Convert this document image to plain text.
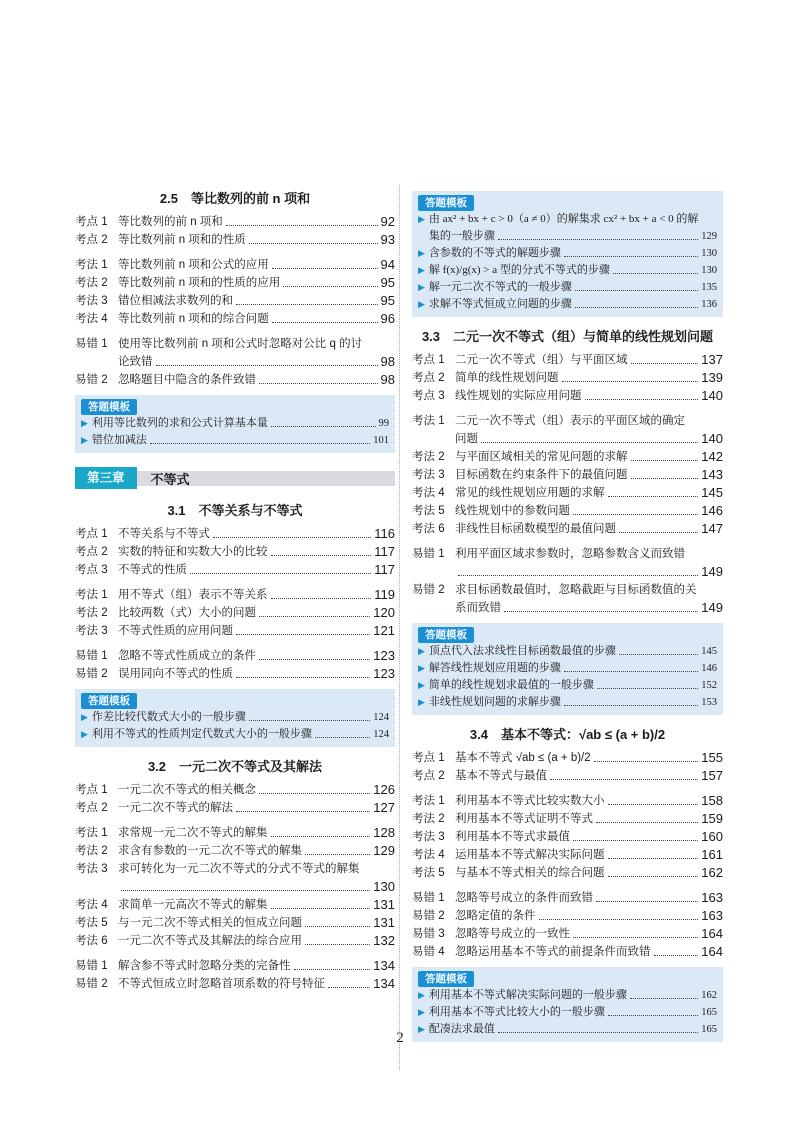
2.5　等比数列的前 n 项和
考点 1 等比数列的前 n 项和	92
考点 2 等比数列前 n 项和的性质	93
考法 1 等比数列前 n 项和公式的应用	94
考法 2 等比数列前 n 项和的性质的应用	95
考法 3 错位相减法求数列的和	95
考法 4 等比数列前 n 项和的综合问题	96
易错 1 使用等比数列前 n 项和公式时忽略对公比 q 的讨
论致错	98
易错 2 忽略题目中隐含的条件致错	98
答题模板
▶ 利用等比数列的求和公式计算基本量	99
▶ 错位加减法	101
第三章	不等式
3.1　不等关系与不等式
考点 1 不等关系与不等式	116
考点 2 实数的特征和实数大小的比较	117
考点 3 不等式的性质	117
考法 1 用不等式（组）表示不等关系	119
考法 2 比较两数（式）大小的问题	120
考法 3 不等式性质的应用问题	121
易错 1 忽略不等式性质成立的条件	123
易错 2 误用同向不等式的性质	123
答题模板
▶ 作差比较代数式大小的一般步骤	124
▶ 利用不等式的性质判定代数式大小的一般步骤	124
3.2　一元二次不等式及其解法
考点 1 一元二次不等式的相关概念	126
考点 2 一元二次不等式的解法	127
考法 1 求常规一元二次不等式的解集	128
考法 2 求含有参数的一元二次不等式的解集	129
考法 3 求可转化为一元二次不等式的分式不等式的解集
130
考法 4 求简单一元高次不等式的解集	131
考法 5 与一元二次不等式相关的恒成立问题	131
考法 6 一元二次不等式及其解法的综合应用	132
易错 1 解含参不等式时忽略分类的完备性	134
易错 2 不等式恒成立时忽略首项系数的符号特征	134
答题模板
▶ 由 ax² + bx + c > 0（a ≠ 0）的解集求 cx² + bx + a < 0 的解
集的一般步骤	129
▶ 含参数的不等式的解题步骤	130
▶ 解 f(x)/g(x) > a 型的分式不等式的步骤	130
▶ 解一元二次不等式的一般步骤	135
▶ 求解不等式恒成立问题的步骤	136
3.3　二元一次不等式（组）与简单的线性规划问题
考点 1 二元一次不等式（组）与平面区域	137
考点 2 简单的线性规划问题	139
考点 3 线性规划的实际应用问题	140
考法 1 二元一次不等式（组）表示的平面区域的确定
问题	140
考法 2 与平面区域相关的常见问题的求解	142
考法 3 目标函数在约束条件下的最值问题	143
考法 4 常见的线性规划应用题的求解	145
考法 5 线性规划中的参数问题	146
考法 6 非线性目标函数模型的最值问题	147
易错 1 利用平面区域求参数时，忽略参数含义而致错
149
易错 2 求目标函数最值时，忽略截距与目标函数值的关
系而致错	149
答题模板
▶ 顶点代入法求线性目标函数最值的步骤	145
▶ 解答线性规划应用题的步骤	146
▶ 简单的线性规划求最值的一般步骤	152
▶ 非线性规划问题的求解步骤	153
3.4　基本不等式：√ab ≤ (a + b)/2
考点 1 基本不等式 √ab ≤ (a + b)/2	155
考点 2 基本不等式与最值	157
考法 1 利用基本不等式比较实数大小	158
考法 2 利用基本不等式证明不等式	159
考法 3 利用基本不等式求最值	160
考法 4 运用基本不等式解决实际问题	161
考法 5 与基本不等式相关的综合问题	162
易错 1 忽略等号成立的条件而致错	163
易错 2 忽略定值的条件	163
易错 3 忽略等号成立的一致性	164
易错 4 忽略运用基本不等式的前提条件而致错	164
答题模板
▶ 利用基本不等式解决实际问题的一般步骤	162
▶ 利用基本不等式比较大小的一般步骤	165
▶ 配凑法求最值	165
2
